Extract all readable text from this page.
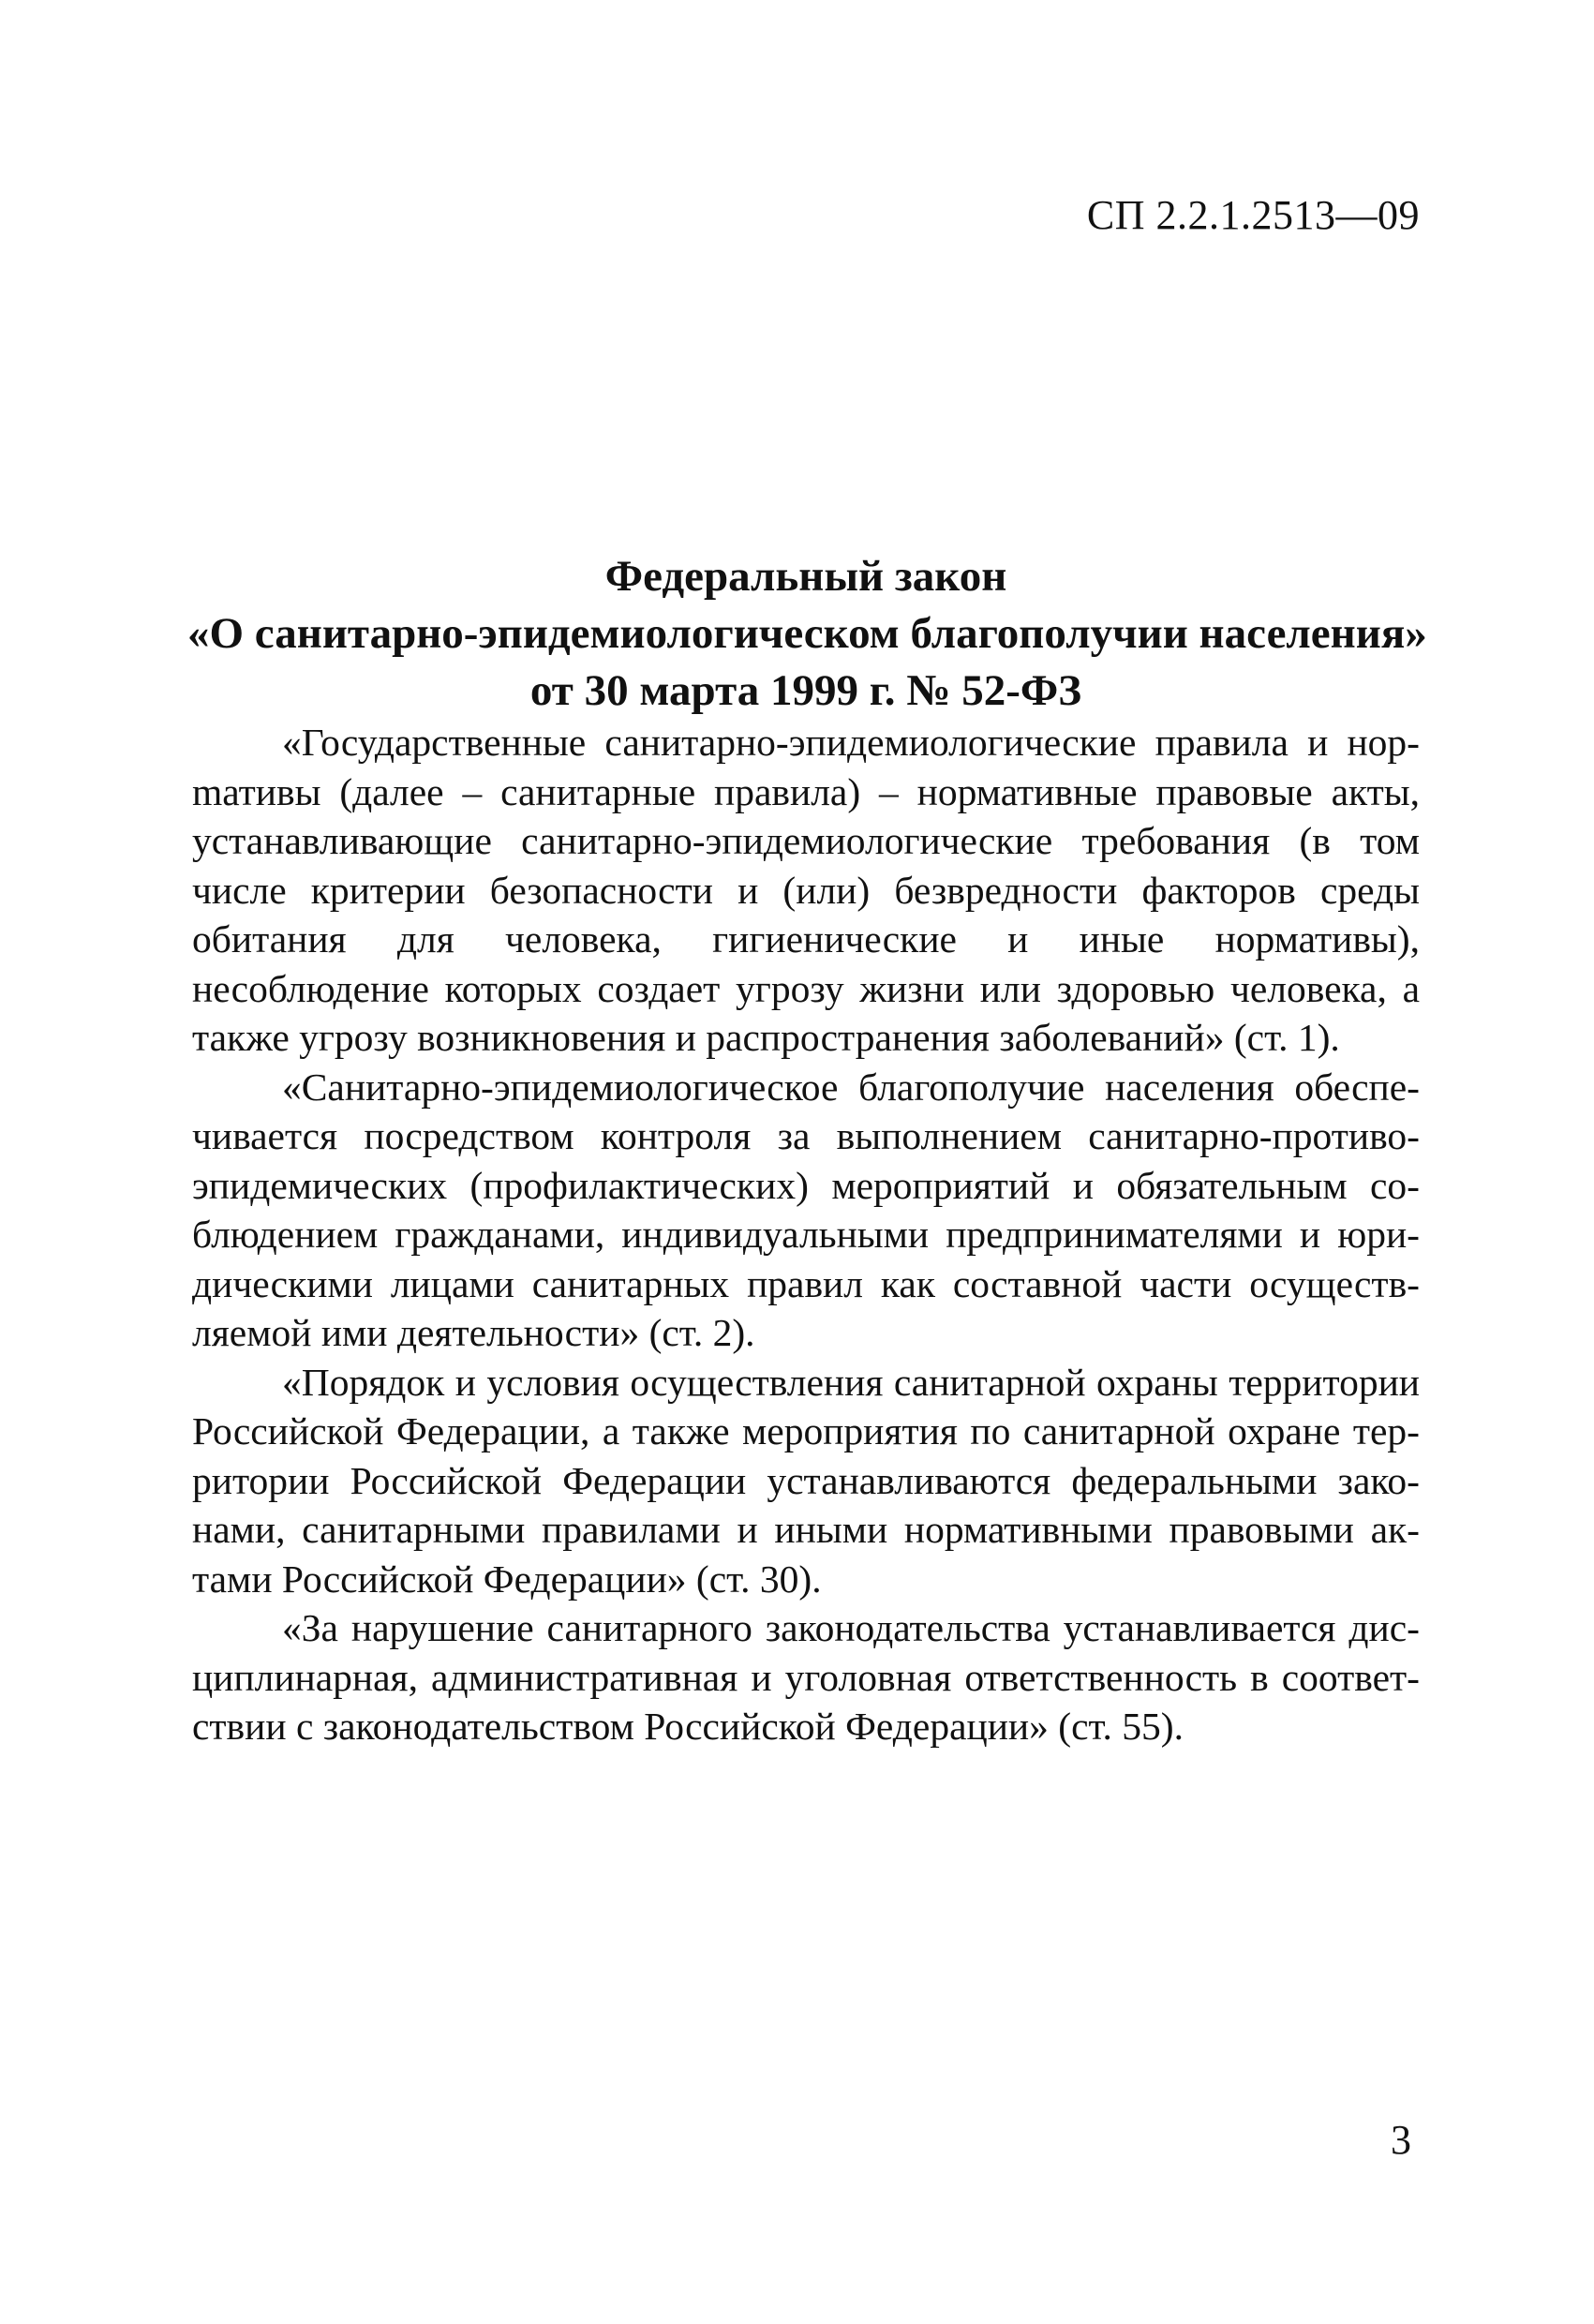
СП 2.2.1.2513—09
Федеральный закон
«О санитарно-эпидемиологическом благополучии населения»
от 30 марта 1999 г. № 52-ФЗ

«Государственные санитарно-эпидемиологические правила и норmативы (далее – санитарные правила) – нормативные правовые акты, устанавливающие санитарно-эпидемиологические требования (в том числе критерии безопасности и (или) безвредности факторов среды обитания для человека, гигиенические и иные нормативы), несоблюдение которых создает угрозу жизни или здоровью человека, а также угрозу возникновения и распространения заболеваний» (ст. 1).

«Санитарно-эпидемиологическое благополучие населения обеспечивается посредством контроля за выполнением санитарно-противоэпидемических (профилактических) мероприятий и обязательным соблюдением гражданами, индивидуальными предпринимателями и юридическими лицами санитарных правил как составной части осуществляемой ими деятельности» (ст. 2).

«Порядок и условия осуществления санитарной охраны территории Российской Федерации, а также мероприятия по санитарной охране территории Российской Федерации устанавливаются федеральными законами, санитарными правилами и иными нормативными правовыми актами Российской Федерации» (ст. 30).

«За нарушение санитарного законодательства устанавливается дисциплинарная, административная и уголовная ответственность в соответствии с законодательством Российской Федерации» (ст. 55).

3
